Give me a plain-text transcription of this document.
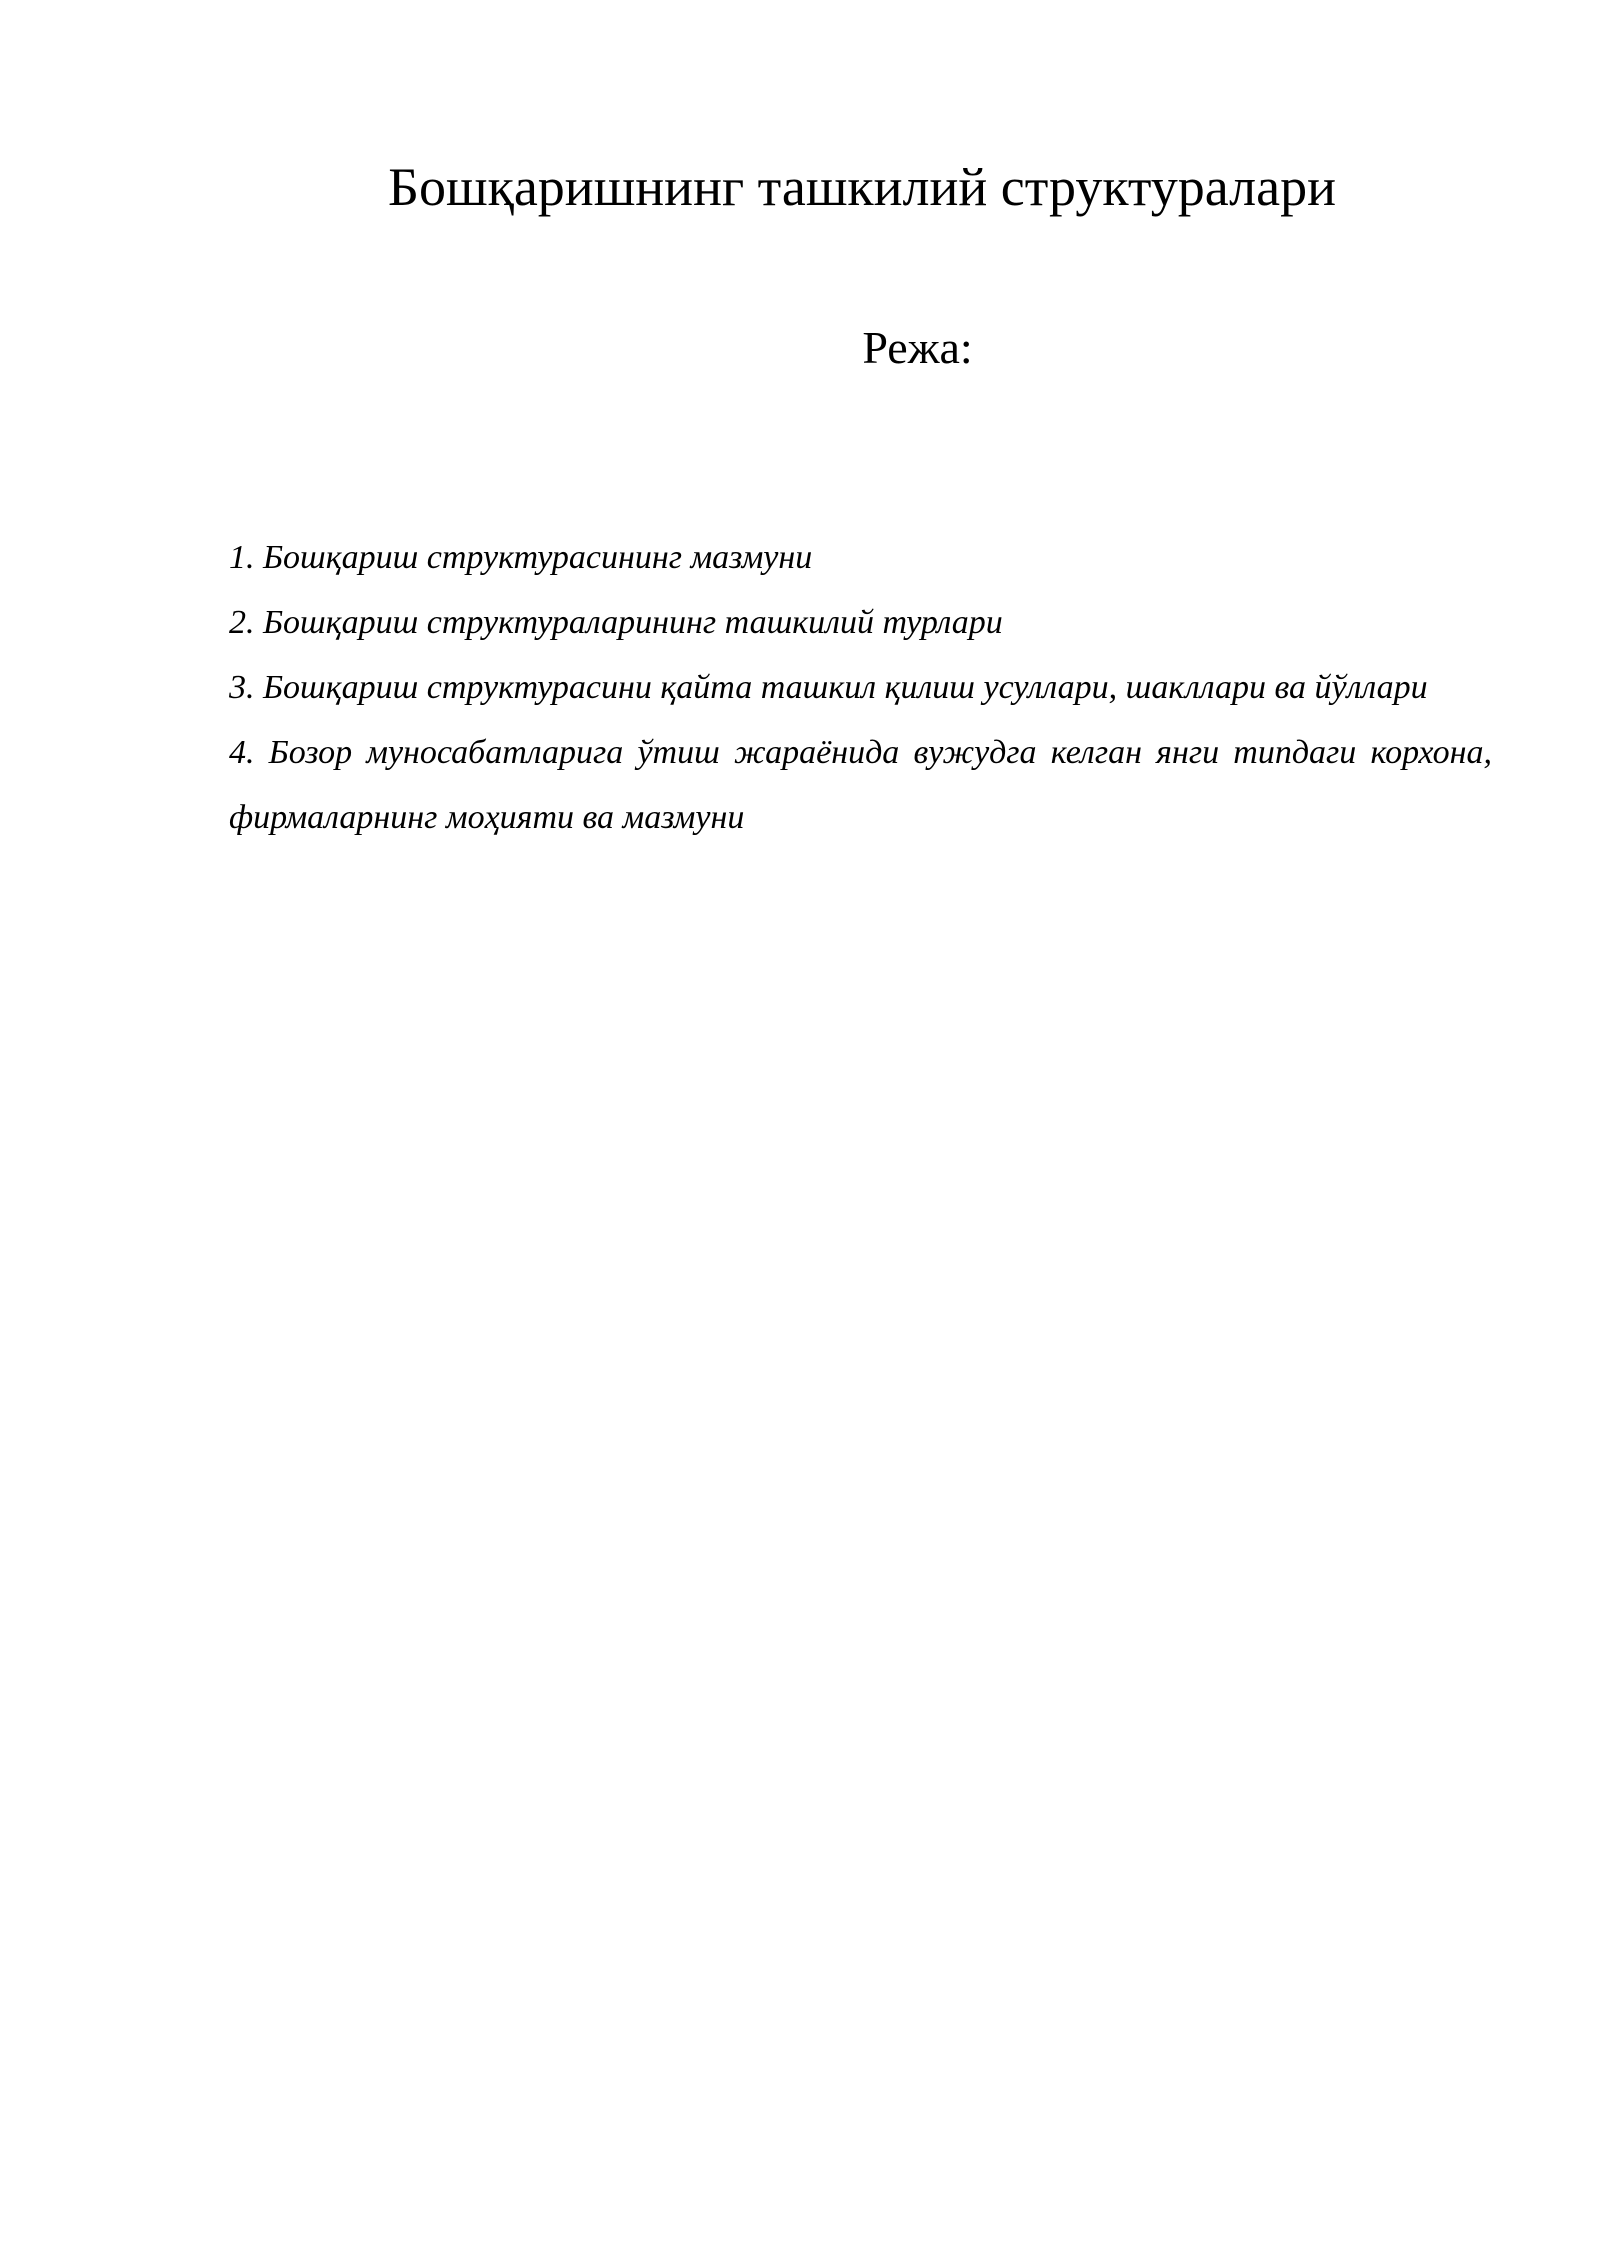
Бошқаришнинг ташкилий структуралари
Режа:
1. Бошқариш структурасининг мазмуни
2. Бошқариш структураларининг ташкилий турлари
3. Бошқариш структурасини қайта ташкил қилиш усуллари, шакллари ва йўллари
4. Бозор муносабатларига ўтиш жараёнида вужудга келган янги типдаги корхона, фирмаларнинг моҳияти ва мазмуни
